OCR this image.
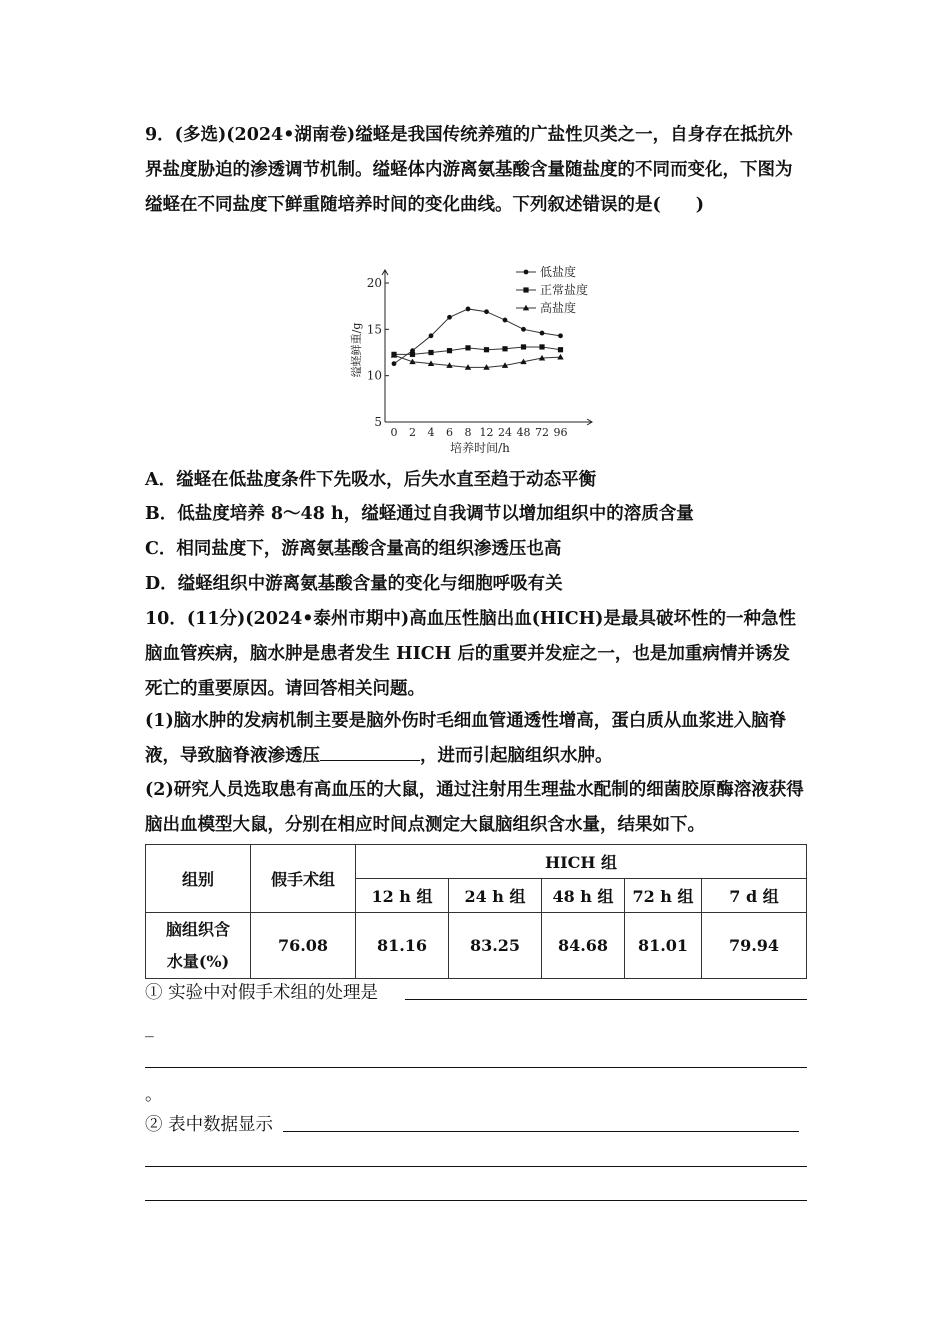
9．(多选)(2024•湖南卷)缢蛏是我国传统养殖的广盐性贝类之一，自身存在抵抗外界盐度胁迫的渗透调节机制。缢蛏体内游离氨基酸含量随盐度的不同而变化，下图为缢蛏在不同盐度下鲜重随培养时间的变化曲线。下列叙述错误的是(　　)

5
10
15
20
0 2 4 6 8 12 24 48 72 96
培养时间/h
缢蛏鲜重/g
低盐度
正常盐度
高盐度

A．缢蛏在低盐度条件下先吸水，后失水直至趋于动态平衡

B．低盐度培养 8～48 h，缢蛏通过自我调节以增加组织中的溶质含量

C．相同盐度下，游离氨基酸含量高的组织渗透压也高

D．缢蛏组织中游离氨基酸含量的变化与细胞呼吸有关

10．(11分)(2024•泰州市期中)高血压性脑出血(HICH)是最具破坏性的一种急性脑血管疾病，脑水肿是患者发生 HICH 后的重要并发症之一，也是加重病情并诱发死亡的重要原因。请回答相关问题。

(1)脑水肿的发病机制主要是脑外伤时毛细血管通透性增高，蛋白质从血浆进入脑脊液，导致脑脊液渗透压	，进而引起脑组织水肿。

(2)研究人员选取患有高血压的大鼠，通过注射用生理盐水配制的细菌胶原酶溶液获得脑出血模型大鼠，分别在相应时间点测定大鼠脑组织含水量，结果如下。

组别	假手术组	HICH 组				
		12 h 组	24 h 组	48 h 组	72 h 组	7 d 组
脑组织含
水量(%)	76.08	81.16	83.25	84.68	81.01	79.94

① 实验中对假手术组的处理是

_

。

② 表中数据显示
